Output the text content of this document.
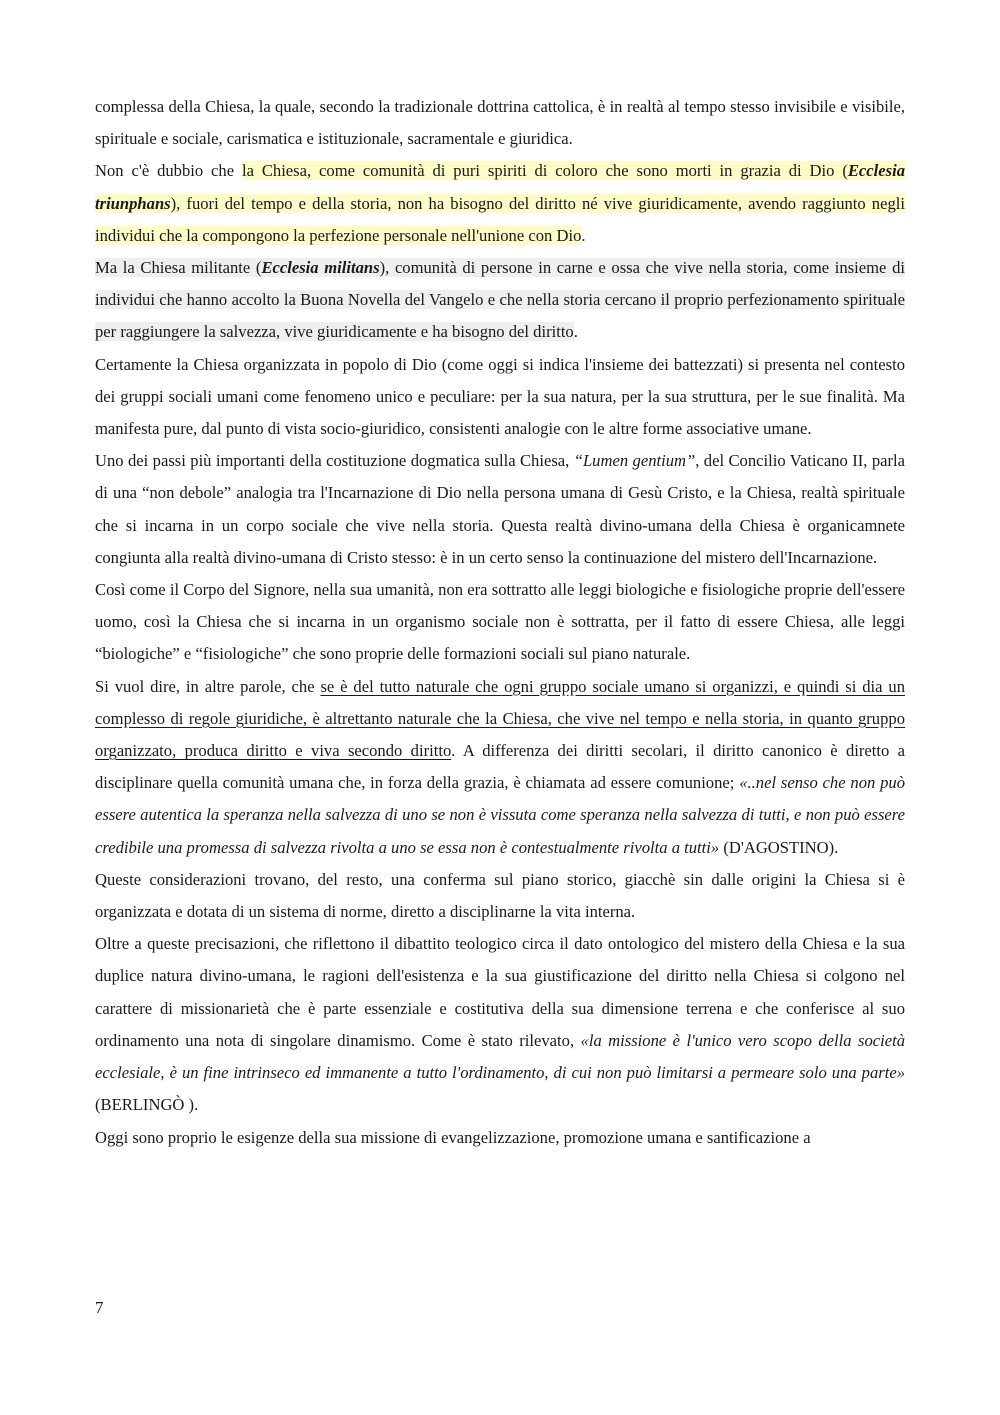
complessa della Chiesa, la quale, secondo la tradizionale dottrina cattolica, è in realtà al tempo stesso invisibile e visibile, spirituale e sociale, carismatica e istituzionale, sacramentale e giuridica.

Non c'è dubbio che la Chiesa, come comunità di puri spiriti di coloro che sono morti in grazia di Dio (Ecclesia triunphans), fuori del tempo e della storia, non ha bisogno del diritto né vive giuridicamente, avendo raggiunto negli individui che la compongono la perfezione personale nell'unione con Dio.

Ma la Chiesa militante (Ecclesia militans), comunità di persone in carne e ossa che vive nella storia, come insieme di individui che hanno accolto la Buona Novella del Vangelo e che nella storia cercano il proprio perfezionamento spirituale per raggiungere la salvezza, vive giuridicamente e ha bisogno del diritto.

Certamente la Chiesa organizzata in popolo di Dio (come oggi si indica l'insieme dei battezzati) si presenta nel contesto dei gruppi sociali umani come fenomeno unico e peculiare: per la sua natura, per la sua struttura, per le sue finalità. Ma manifesta pure, dal punto di vista socio-giuridico, consistenti analogie con le altre forme associative umane.

Uno dei passi più importanti della costituzione dogmatica sulla Chiesa, “Lumen gentium”, del Concilio Vaticano II, parla di una “non debole” analogia tra l'Incarnazione di Dio nella persona umana di Gesù Cristo, e la Chiesa, realtà spirituale che si incarna in un corpo sociale che vive nella storia. Questa realtà divino-umana della Chiesa è organicamnete congiunta alla realtà divino-umana di Cristo stesso: è in un certo senso la continuazione del mistero dell'Incarnazione.

Così come il Corpo del Signore, nella sua umanità, non era sottratto alle leggi biologiche e fisiologiche proprie dell'essere uomo, così la Chiesa che si incarna in un organismo sociale non è sottratta, per il fatto di essere Chiesa, alle leggi “biologiche” e “fisiologiche” che sono proprie delle formazioni sociali sul piano naturale.

Si vuol dire, in altre parole, che se è del tutto naturale che ogni gruppo sociale umano si organizzi, e quindi si dia un complesso di regole giuridiche, è altrettanto naturale che la Chiesa, che vive nel tempo e nella storia, in quanto gruppo organizzato, produca diritto e viva secondo diritto. A differenza dei diritti secolari, il diritto canonico è diretto a disciplinare quella comunità umana che, in forza della grazia, è chiamata ad essere comunione; «..nel senso che non può essere autentica la speranza nella salvezza di uno se non è vissuta come speranza nella salvezza di tutti, e non può essere credibile una promessa di salvezza rivolta a uno se essa non è contestualmente rivolta a tutti» (D'AGOSTINO).

Queste considerazioni trovano, del resto, una conferma sul piano storico, giacchè sin dalle origini la Chiesa si è organizzata e dotata di un sistema di norme, diretto a disciplinarne la vita interna.

Oltre a queste precisazioni, che riflettono il dibattito teologico circa il dato ontologico del mistero della Chiesa e la sua duplice natura divino-umana, le ragioni dell'esistenza e la sua giustificazione del diritto nella Chiesa si colgono nel carattere di missionarietà che è parte essenziale e costitutiva della sua dimensione terrena e che conferisce al suo ordinamento una nota di singolare dinamismo. Come è stato rilevato, «la missione è l'unico vero scopo della società ecclesiale, è un fine intrinseco ed immanente a tutto l'ordinamento, di cui non può limitarsi a permeare solo una parte» (BERLINGÒ ).

Oggi sono proprio le esigenze della sua missione di evangelizzazione, promozione umana e santificazione a

7
